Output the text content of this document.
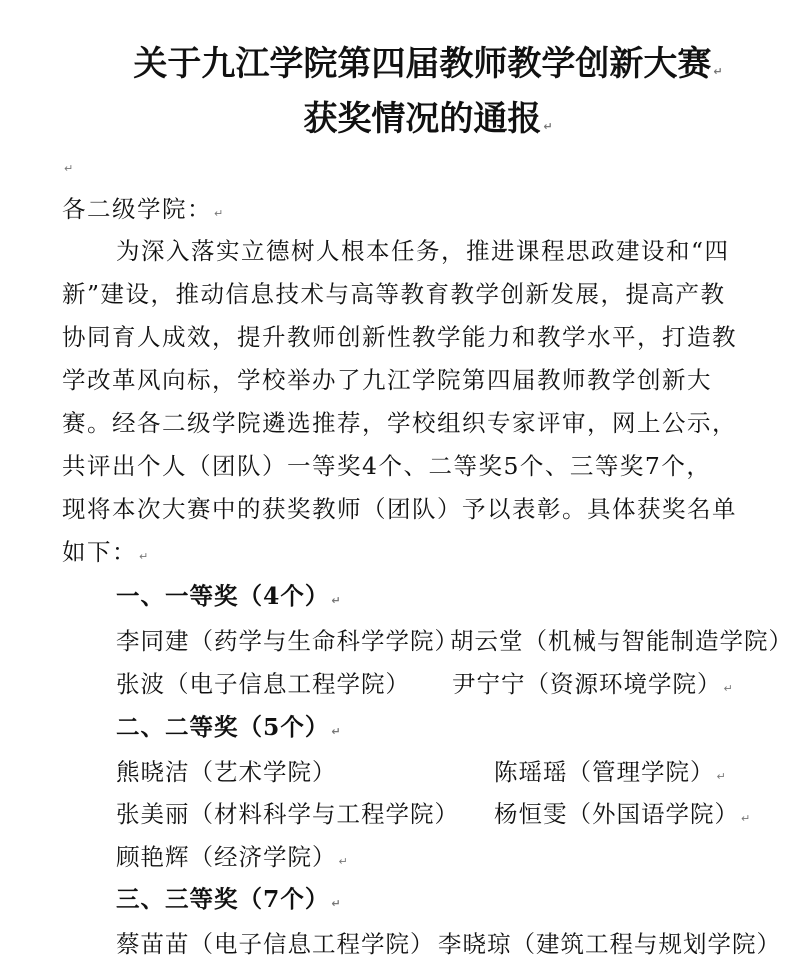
关于九江学院第四届教师教学创新大赛 ↵
获奖情况的通报 ↵
↵
各二级学院： ↵
为深入落实立德树人根本任务，推进课程思政建设和“四
新”建设，推动信息技术与高等教育教学创新发展，提高产教
协同育人成效，提升教师创新性教学能力和教学水平，打造教
学改革风向标，学校举办了九江学院第四届教师教学创新大
赛。经各二级学院遴选推荐，学校组织专家评审，网上公示，
共评出个人（团队）一等奖4个、二等奖5个、三等奖7个，
现将本次大赛中的获奖教师（团队）予以表彰。具体获奖名单
如下： ↵
一、一等奖（4个） ↵
李同建（药学与生命科学学院）
胡云堂（机械与智能制造学院）
张波（电子信息工程学院） 尹宁宁（资源环境学院） ↵
二、二等奖（5个） ↵
熊晓洁（艺术学院）	陈瑶瑶（管理学院） ↵
张美丽（材料科学与工程学院） 杨恒雯（外国语学院） ↵
顾艳辉（经济学院） ↵
三、三等奖（7个） ↵
蔡苗苗（电子信息工程学院） 李晓琼（建筑工程与规划学院）
